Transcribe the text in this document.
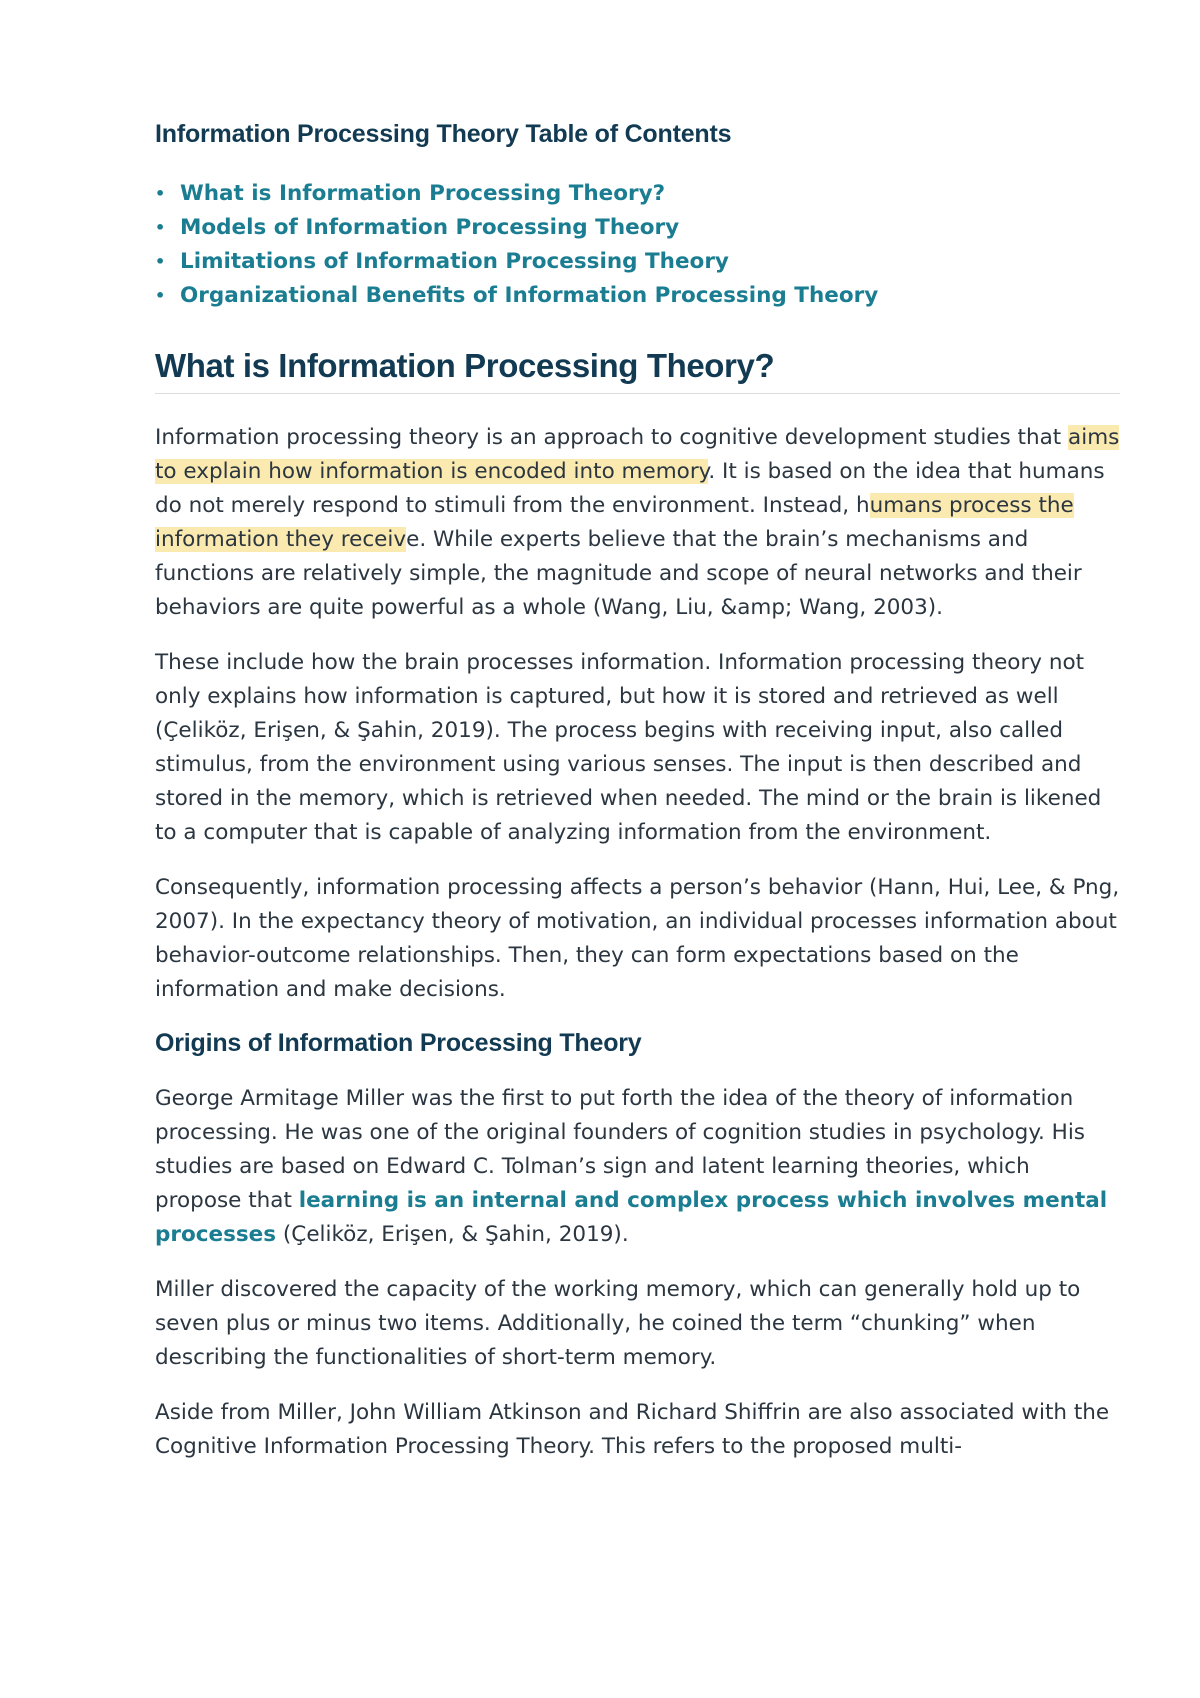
Information Processing Theory Table of Contents
• What is Information Processing Theory?
• Models of Information Processing Theory
• Limitations of Information Processing Theory
• Organizational Benefits of Information Processing Theory
What is Information Processing Theory?

Information processing theory is an approach to cognitive development studies that aims to explain how information is encoded into memory. It is based on the idea that humans do not merely respond to stimuli from the environment. Instead, humans process the information they receive. While experts believe that the brain’s mechanisms and functions are relatively simple, the magnitude and scope of neural networks and their behaviors are quite powerful as a whole (Wang, Liu, &amp; Wang, 2003).

These include how the brain processes information. Information processing theory not only explains how information is captured, but how it is stored and retrieved as well (Çeliköz, Erişen, & Şahin, 2019). The process begins with receiving input, also called stimulus, from the environment using various senses. The input is then described and stored in the memory, which is retrieved when needed. The mind or the brain is likened to a computer that is capable of analyzing information from the environment.

Consequently, information processing affects a person’s behavior (Hann, Hui, Lee, & Png, 2007). In the expectancy theory of motivation, an individual processes information about behavior-outcome relationships. Then, they can form expectations based on the information and make decisions.

Origins of Information Processing Theory

George Armitage Miller was the first to put forth the idea of the theory of information processing. He was one of the original founders of cognition studies in psychology. His studies are based on Edward C. Tolman’s sign and latent learning theories, which propose that learning is an internal and complex process which involves mental processes (Çeliköz, Erişen, & Şahin, 2019).

Miller discovered the capacity of the working memory, which can generally hold up to seven plus or minus two items. Additionally, he coined the term “chunking” when describing the functionalities of short-term memory.

Aside from Miller, John William Atkinson and Richard Shiffrin are also associated with the Cognitive Information Processing Theory. This refers to the proposed multi-
